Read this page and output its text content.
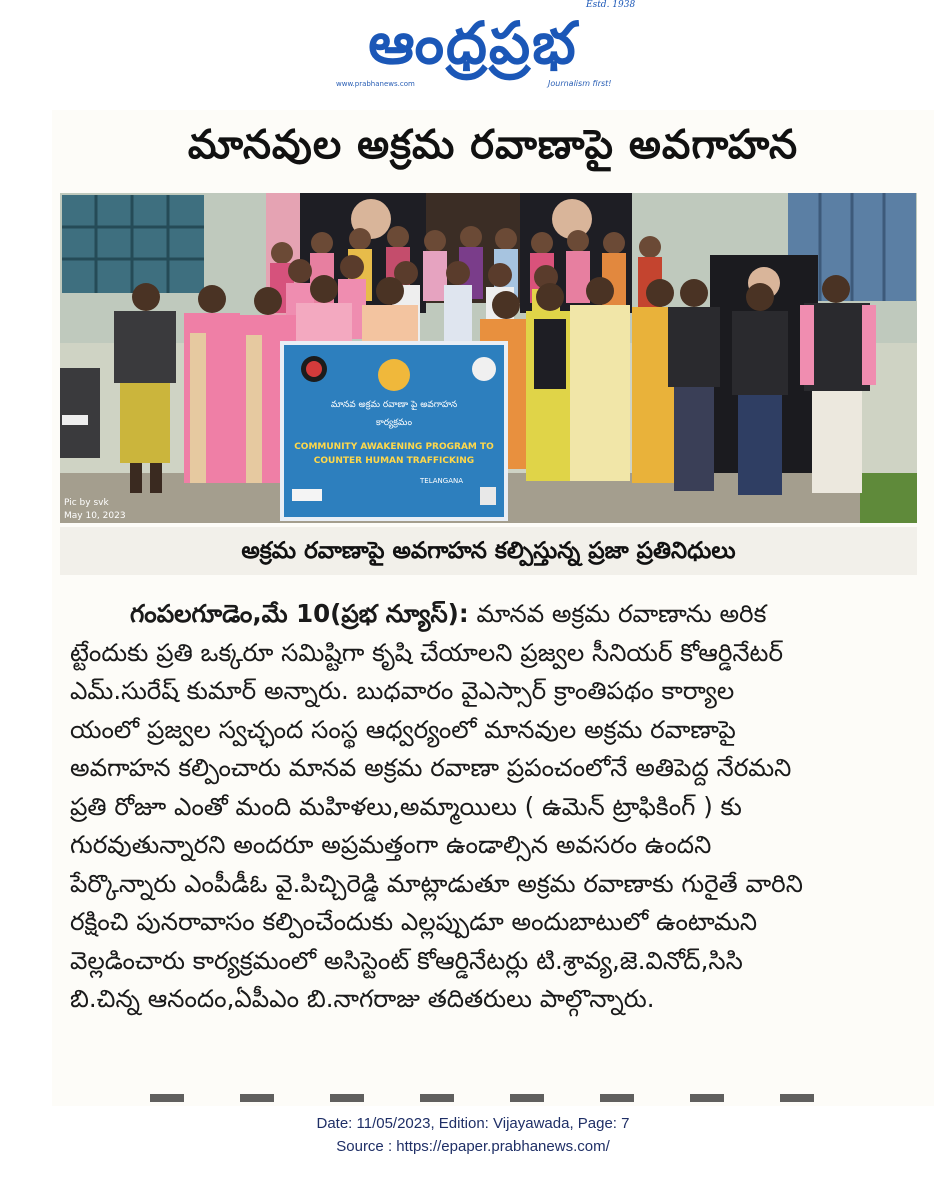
ఆంధ్రప్రభ
Estd. 1938
www.prabhanews.com	Journalism first!
మానవుల అక్రమ రవాణాపై అవగాహన
మానవ అక్రమ రవాణా పై అవగాహన
కార్యక్రమం
COMMUNITY AWAKENING PROGRAM TO
COUNTER HUMAN TRAFFICKING
TELANGANA
Pic by svk
May 10, 2023
అక్రమ రవాణాపై అవగాహన కల్పిస్తున్న ప్రజా ప్రతినిధులు
గంపలగూడెం,మే 10(ప్రభ న్యూస్): మానవ అక్రమ రవాణాను అరిక
ట్టేందుకు ప్రతి ఒక్కరూ సమిష్టిగా కృషి చేయాలని ప్రజ్వల సీనియర్ కోఆర్డినేటర్
ఎమ్.సురేష్ కుమార్ అన్నారు. బుధవారం వైఎస్సార్ క్రాంతిపథం కార్యాల
యంలో ప్రజ్వల స్వచ్ఛంద సంస్థ ఆధ్వర్యంలో మానవుల అక్రమ రవాణాపై
అవగాహన కల్పించారు మానవ అక్రమ రవాణా ప్రపంచంలోనే అతిపెద్ద నేరమని
ప్రతి రోజూ ఎంతో మంది మహిళలు,అమ్మాయిలు ( ఉమెన్ ట్రాఫికింగ్ ) కు
గురవుతున్నారని అందరూ అప్రమత్తంగా ఉండాల్సిన అవసరం ఉందని
పేర్కొన్నారు ఎంపీడీఓ వై.పిచ్చిరెడ్డి మాట్లాడుతూ అక్రమ రవాణాకు గురైతే వారిని
రక్షించి పునరావాసం కల్పించేందుకు ఎల్లప్పుడూ అందుబాటులో ఉంటామని
వెల్లడించారు కార్యక్రమంలో అసిస్టెంట్ కోఆర్డినేటర్లు టి.శ్రావ్య,జె.వినోద్,సిసి
బి.చిన్న ఆనందం,ఏపీఎం బి.నాగరాజు తదితరులు పాల్గొన్నారు.
Date: 11/05/2023, Edition: Vijayawada, Page: 7
Source : https://epaper.prabhanews.com/
